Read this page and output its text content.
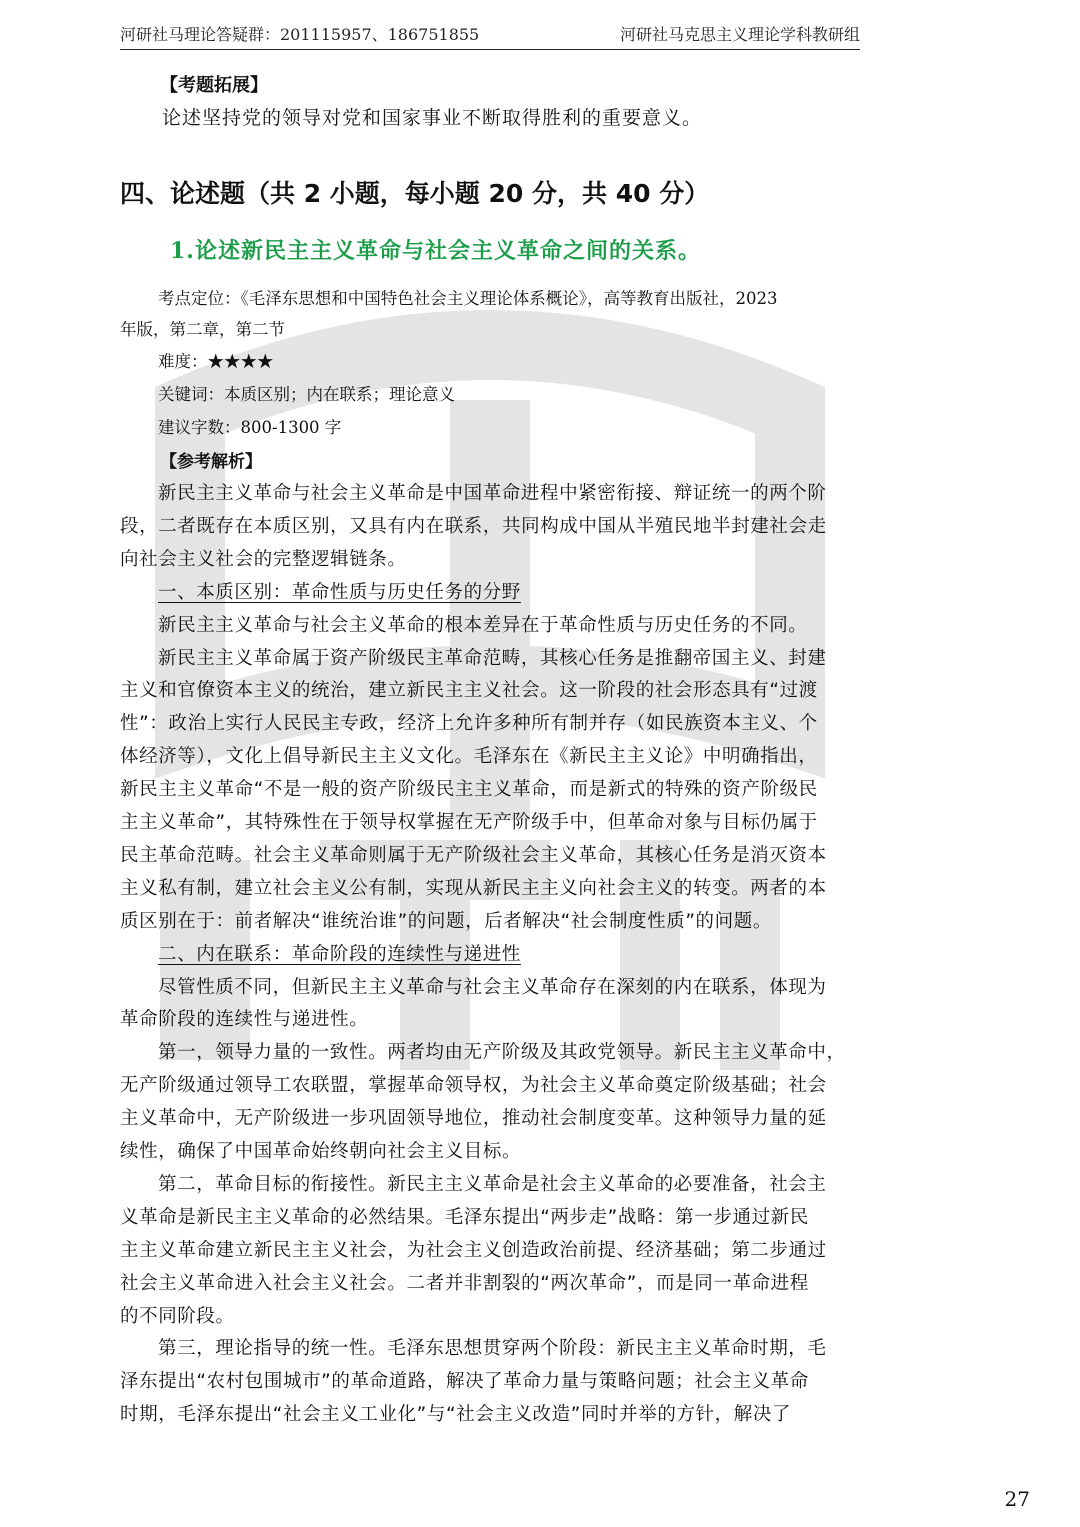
河研社马理论答疑群：201115957、186751855	河研社马克思主义理论学科教研组
【考题拓展】
论述坚持党的领导对党和国家事业不断取得胜利的重要意义。
四、论述题（共 2 小题，每小题 20 分，共 40 分）
1.论述新民主主义革命与社会主义革命之间的关系。
考点定位：《毛泽东思想和中国特色社会主义理论体系概论》，高等教育出版社，2023
年版，第二章，第二节
难度：★★★★
关键词：本质区别；内在联系；理论意义
建议字数：800-1300 字
【参考解析】
新民主主义革命与社会主义革命是中国革命进程中紧密衔接、辩证统一的两个阶
段，二者既存在本质区别，又具有内在联系，共同构成中国从半殖民地半封建社会走
向社会主义社会的完整逻辑链条。
一、本质区别：革命性质与历史任务的分野
新民主主义革命与社会主义革命的根本差异在于革命性质与历史任务的不同。
新民主主义革命属于资产阶级民主革命范畴，其核心任务是推翻帝国主义、封建
主义和官僚资本主义的统治，建立新民主主义社会。这一阶段的社会形态具有“过渡
性”：政治上实行人民民主专政，经济上允许多种所有制并存（如民族资本主义、个
体经济等），文化上倡导新民主主义文化。毛泽东在《新民主主义论》中明确指出，
新民主主义革命“不是一般的资产阶级民主主义革命，而是新式的特殊的资产阶级民
主主义革命”，其特殊性在于领导权掌握在无产阶级手中，但革命对象与目标仍属于
民主革命范畴。社会主义革命则属于无产阶级社会主义革命，其核心任务是消灭资本
主义私有制，建立社会主义公有制，实现从新民主主义向社会主义的转变。两者的本
质区别在于：前者解决“谁统治谁”的问题，后者解决“社会制度性质”的问题。
二、内在联系：革命阶段的连续性与递进性
尽管性质不同，但新民主主义革命与社会主义革命存在深刻的内在联系，体现为
革命阶段的连续性与递进性。
第一，领导力量的一致性。两者均由无产阶级及其政党领导。新民主主义革命中，
无产阶级通过领导工农联盟，掌握革命领导权，为社会主义革命奠定阶级基础；社会
主义革命中，无产阶级进一步巩固领导地位，推动社会制度变革。这种领导力量的延
续性，确保了中国革命始终朝向社会主义目标。
第二，革命目标的衔接性。新民主主义革命是社会主义革命的必要准备，社会主
义革命是新民主主义革命的必然结果。毛泽东提出“两步走”战略：第一步通过新民
主主义革命建立新民主主义社会，为社会主义创造政治前提、经济基础；第二步通过
社会主义革命进入社会主义社会。二者并非割裂的“两次革命”，而是同一革命进程
的不同阶段。
第三，理论指导的统一性。毛泽东思想贯穿两个阶段：新民主主义革命时期，毛
泽东提出“农村包围城市”的革命道路，解决了革命力量与策略问题；社会主义革命
时期，毛泽东提出“社会主义工业化”与“社会主义改造”同时并举的方针，解决了
27
